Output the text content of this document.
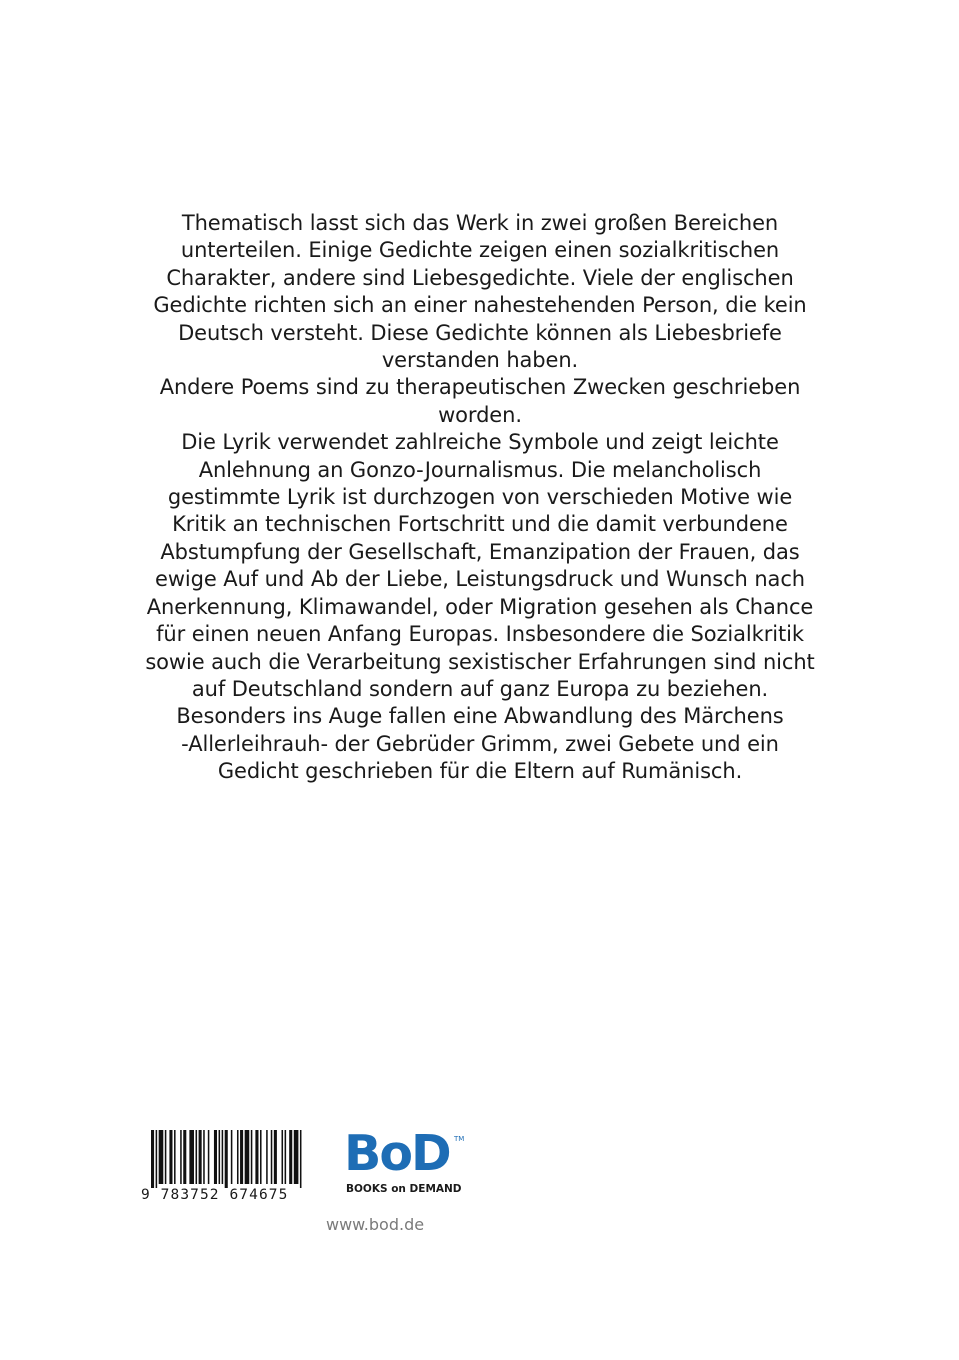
Thematisch lasst sich das Werk in zwei großen Bereichen
unterteilen. Einige Gedichte zeigen einen sozialkritischen
Charakter, andere sind Liebesgedichte. Viele der englischen
Gedichte richten sich an einer nahestehenden Person, die kein
Deutsch versteht. Diese Gedichte können als Liebesbriefe
verstanden haben.
Andere Poems sind zu therapeutischen Zwecken geschrieben
worden.
Die Lyrik verwendet zahlreiche Symbole und zeigt leichte
Anlehnung an Gonzo-Journalismus. Die melancholisch
gestimmte Lyrik ist durchzogen von verschieden Motive wie
Kritik an technischen Fortschritt und die damit verbundene
Abstumpfung der Gesellschaft, Emanzipation der Frauen, das
ewige Auf und Ab der Liebe, Leistungsdruck und Wunsch nach
Anerkennung, Klimawandel, oder Migration gesehen als Chance
für einen neuen Anfang Europas. Insbesondere die Sozialkritik
sowie auch die Verarbeitung sexistischer Erfahrungen sind nicht
auf Deutschland sondern auf ganz Europa zu beziehen.
Besonders ins Auge fallen eine Abwandlung des Märchens
-Allerleihrauh- der Gebrüder Grimm, zwei Gebete und ein
Gedicht geschrieben für die Eltern auf Rumänisch.
9 783752 674675
BoD TM
BOOKS on DEMAND
www.bod.de
